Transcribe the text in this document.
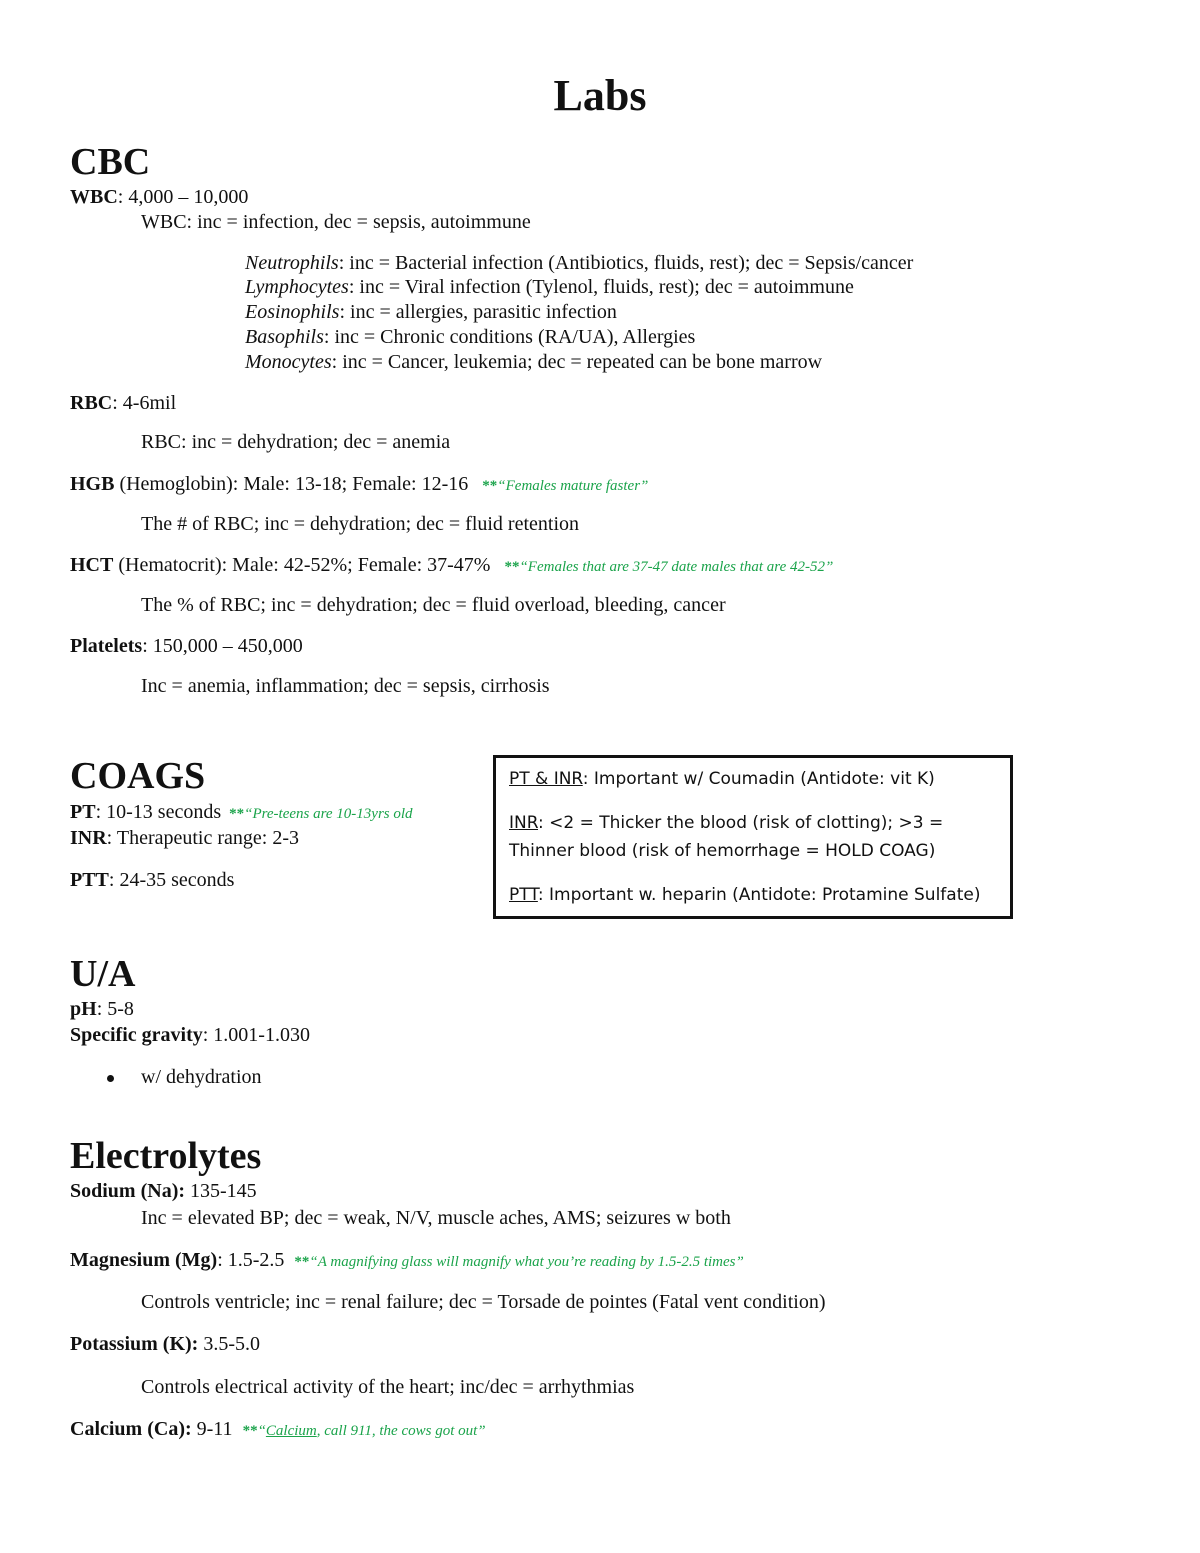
Labs
CBC
WBC: 4,000 – 10,000
WBC: inc = infection, dec = sepsis, autoimmune
Neutrophils: inc = Bacterial infection (Antibiotics, fluids, rest); dec = Sepsis/cancer
Lymphocytes: inc = Viral infection (Tylenol, fluids, rest); dec = autoimmune
Eosinophils: inc = allergies, parasitic infection
Basophils: inc = Chronic conditions (RA/UA), Allergies
Monocytes: inc = Cancer, leukemia; dec = repeated can be bone marrow
RBC: 4-6mil
RBC: inc = dehydration; dec = anemia
HGB (Hemoglobin): Male: 13-18; Female: 12-16 **“Females mature faster”
The # of RBC; inc = dehydration; dec = fluid retention
HCT (Hematocrit): Male: 42-52%; Female: 37-47% **“Females that are 37-47 date males that are 42-52”
The % of RBC; inc = dehydration; dec = fluid overload, bleeding, cancer
Platelets: 150,000 – 450,000
Inc = anemia, inflammation; dec = sepsis, cirrhosis
COAGS
PT: 10-13 seconds **“Pre-teens are 10-13yrs old
INR: Therapeutic range: 2-3
PTT: 24-35 seconds
PT & INR: Important w/ Coumadin (Antidote: vit K)
INR: <2 = Thicker the blood (risk of clotting); >3 =
Thinner blood (risk of hemorrhage = HOLD COAG)
PTT: Important w. heparin (Antidote: Protamine Sulfate)
U/A
pH: 5-8
Specific gravity: 1.001-1.030
w/ dehydration
Electrolytes
Sodium (Na): 135-145
Inc = elevated BP; dec = weak, N/V, muscle aches, AMS; seizures w both
Magnesium (Mg): 1.5-2.5 **“A magnifying glass will magnify what you’re reading by 1.5-2.5 times”
Controls ventricle; inc = renal failure; dec = Torsade de pointes (Fatal vent condition)
Potassium (K): 3.5-5.0
Controls electrical activity of the heart; inc/dec = arrhythmias
Calcium (Ca): 9-11 **“Calcium, call 911, the cows got out”
